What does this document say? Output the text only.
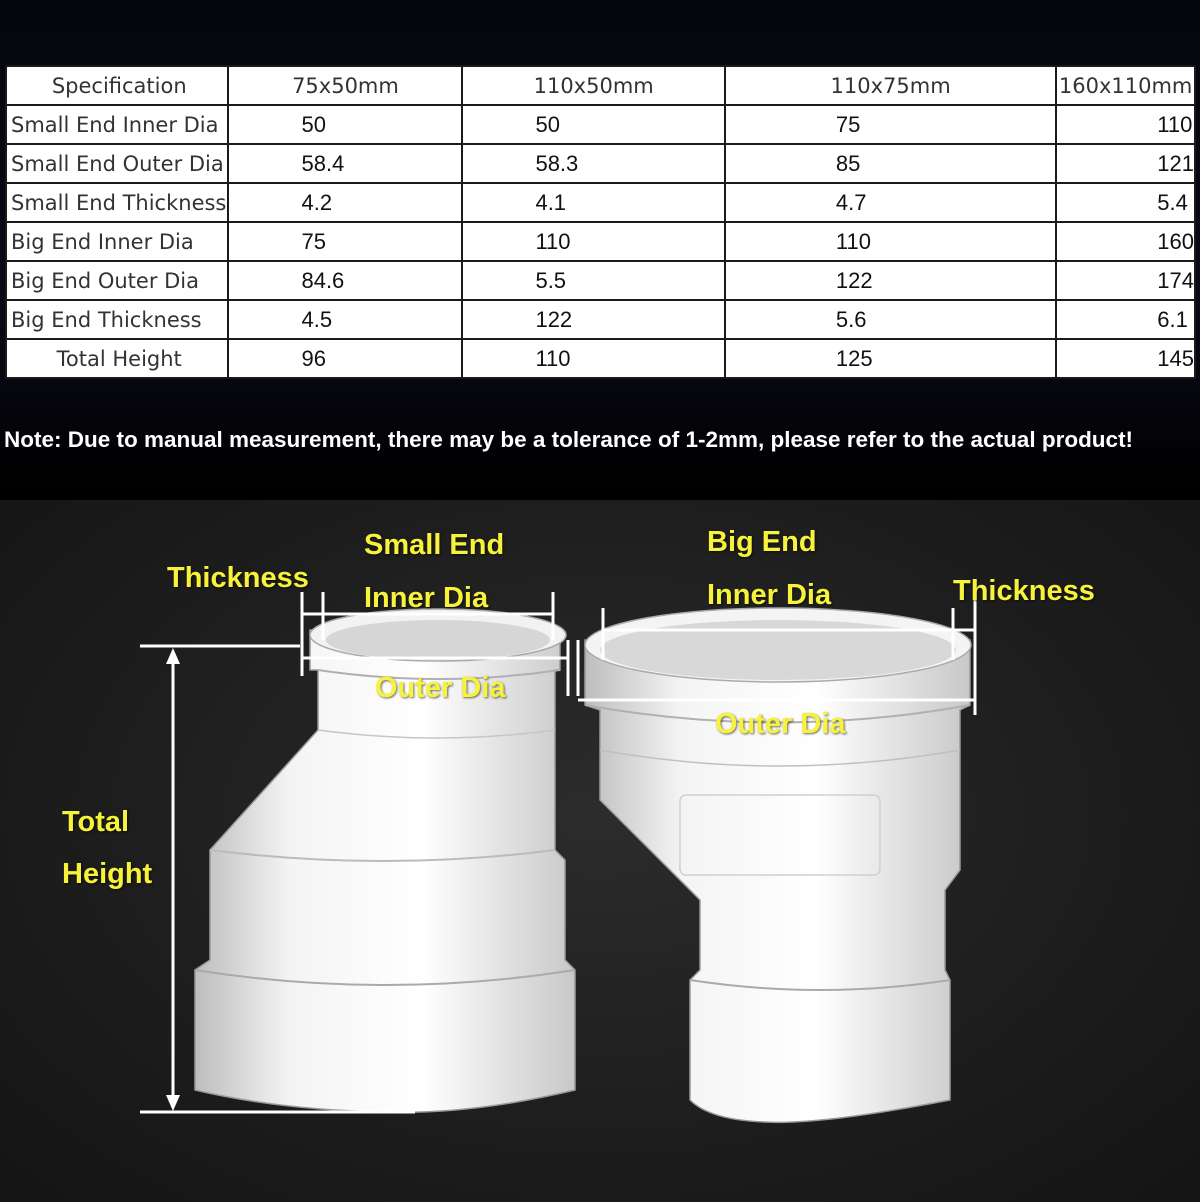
Specification	75x50mm	110x50mm	110x75mm	160x110mm
Small End Inner Dia	50	50	75	110
Small End Outer Dia	58.4	58.3	85	121
Small End Thickness	4.2	4.1	4.7	5.4
Big End Inner Dia	75	110	110	160
Big End Outer Dia	84.6	5.5	122	174
Big End Thickness	4.5	122	5.6	6.1
Total Height	96	110	125	145
Note: Due to manual measurement, there may be a tolerance of 1-2mm, please refer to the actual product!
Small End
Inner Dia
Thickness
Outer Dia
Big End
Inner Dia	Thickness
Outer Dia
Total
Height
